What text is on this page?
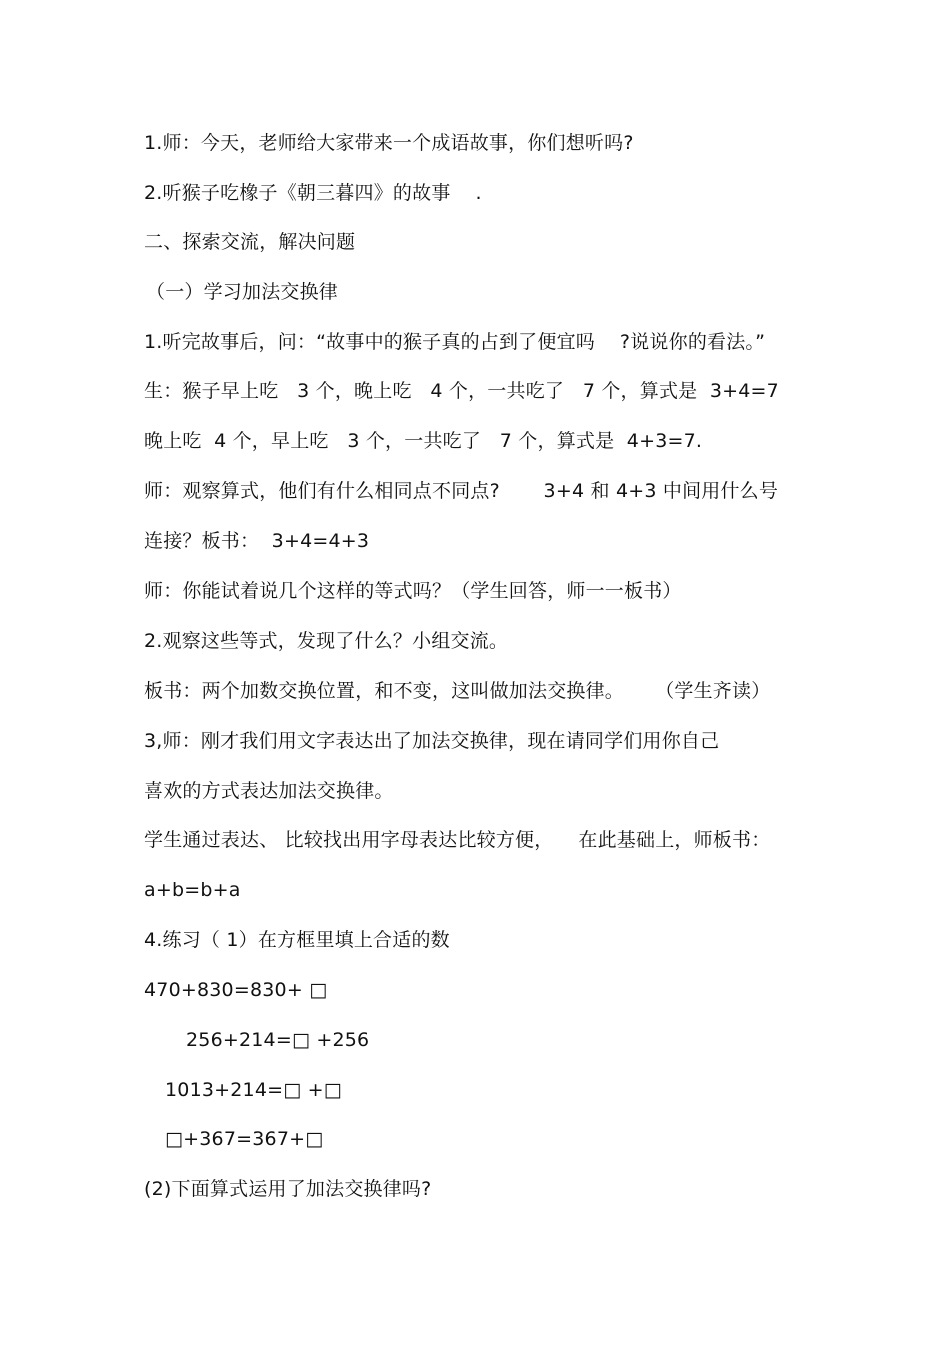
1.师：今天，老师给大家带来一个成语故事，你们想听吗?
2.听猴子吃橡子《朝三暮四》的故事    .
二、探索交流，解决问题
（一）学习加法交换律
1.听完故事后，问：“故事中的猴子真的占到了便宜吗    ?说说你的看法。”
生：猴子早上吃   3 个，晚上吃   4 个，一共吃了   7 个，算式是  3+4=7
晚上吃  4 个，早上吃   3 个，一共吃了   7 个，算式是  4+3=7.
师：观察算式，他们有什么相同点不同点?       3+4 和 4+3 中间用什么号
连接？板书：  3+4=4+3
师：你能试着说几个这样的等式吗？（学生回答，师一一板书）
2.观察这些等式，发现了什么？小组交流。
板书：两个加数交换位置，和不变，这叫做加法交换律。     （学生齐读）
3,师：刚才我们用文字表达出了加法交换律，现在请同学们用你自己
喜欢的方式表达加法交换律。
学生通过表达、 比较找出用字母表达比较方便，    在此基础上，师板书：
a+b=b+a
4.练习（ 1）在方框里填上合适的数
470+830=830+ □
256+214=□ +256
1013+214=□ +□
□+367=367+□
(2)下面算式运用了加法交换律吗?
